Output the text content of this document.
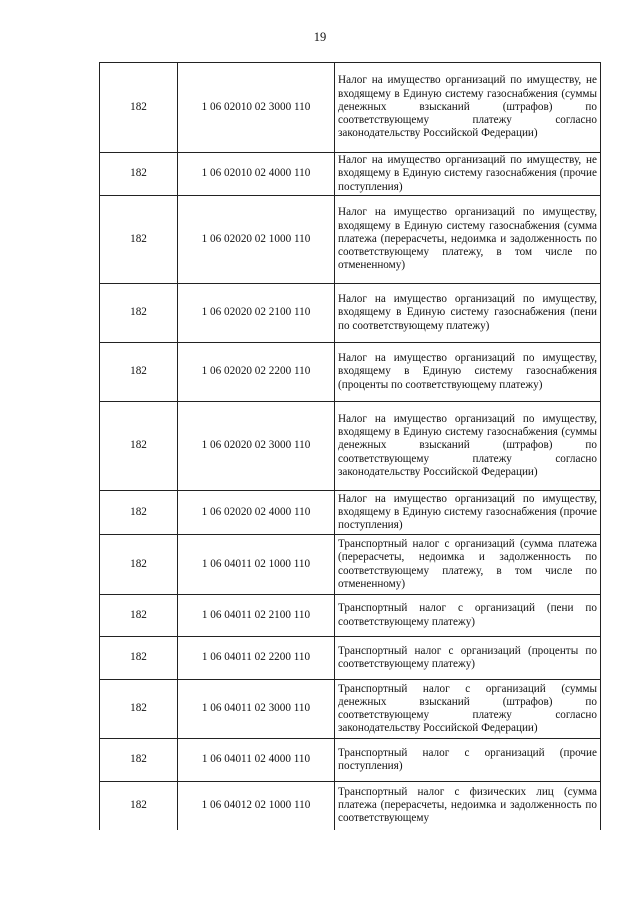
19
182	1 06 02010 02 3000 110	Налог на имущество организаций по имуществу, не входящему в Единую систему газоснабжения (суммы денежных взысканий (штрафов) по соответствующему платежу согласно законодательству Российской Федерации)
182	1 06 02010 02 4000 110	Налог на имущество организаций по имуществу, не входящему в Единую систему газоснабжения (прочие поступления)
182	1 06 02020 02 1000 110	Налог на имущество организаций по имуществу, входящему в Единую систему газоснабжения (сумма платежа (перерасчеты, недоимка и задолженность по соответствующему платежу, в том числе по отмененному)
182	1 06 02020 02 2100 110	Налог на имущество организаций по имуществу, входящему в Единую систему газоснабжения (пени по соответствующему платежу)
182	1 06 02020 02 2200 110	Налог на имущество организаций по имуществу, входящему в Единую систему газоснабжения (проценты по соответствующему платежу)
182	1 06 02020 02 3000 110	Налог на имущество организаций по имуществу, входящему в Единую систему газоснабжения (суммы денежных взысканий (штрафов) по соответствующему платежу согласно законодательству Российской Федерации)
182	1 06 02020 02 4000 110	Налог на имущество организаций по имуществу, входящему в Единую систему газоснабжения (прочие поступления)
182	1 06 04011 02 1000 110	Транспортный налог с организаций (сумма платежа (перерасчеты, недоимка и задолженность по соответствующему платежу, в том числе по отмененному)
182	1 06 04011 02 2100 110	Транспортный налог с организаций (пени по соответствующему платежу)
182	1 06 04011 02 2200 110	Транспортный налог с организаций (проценты по соответствующему платежу)
182	1 06 04011 02 3000 110	Транспортный налог с организаций (суммы денежных взысканий (штрафов) по соответствующему платежу согласно законодательству Российской Федерации)
182	1 06 04011 02 4000 110	Транспортный налог с организаций (прочие поступления)
182	1 06 04012 02 1000 110	Транспортный налог с физических лиц (сумма платежа (перерасчеты, недоимка и задолженность по соответствующему
